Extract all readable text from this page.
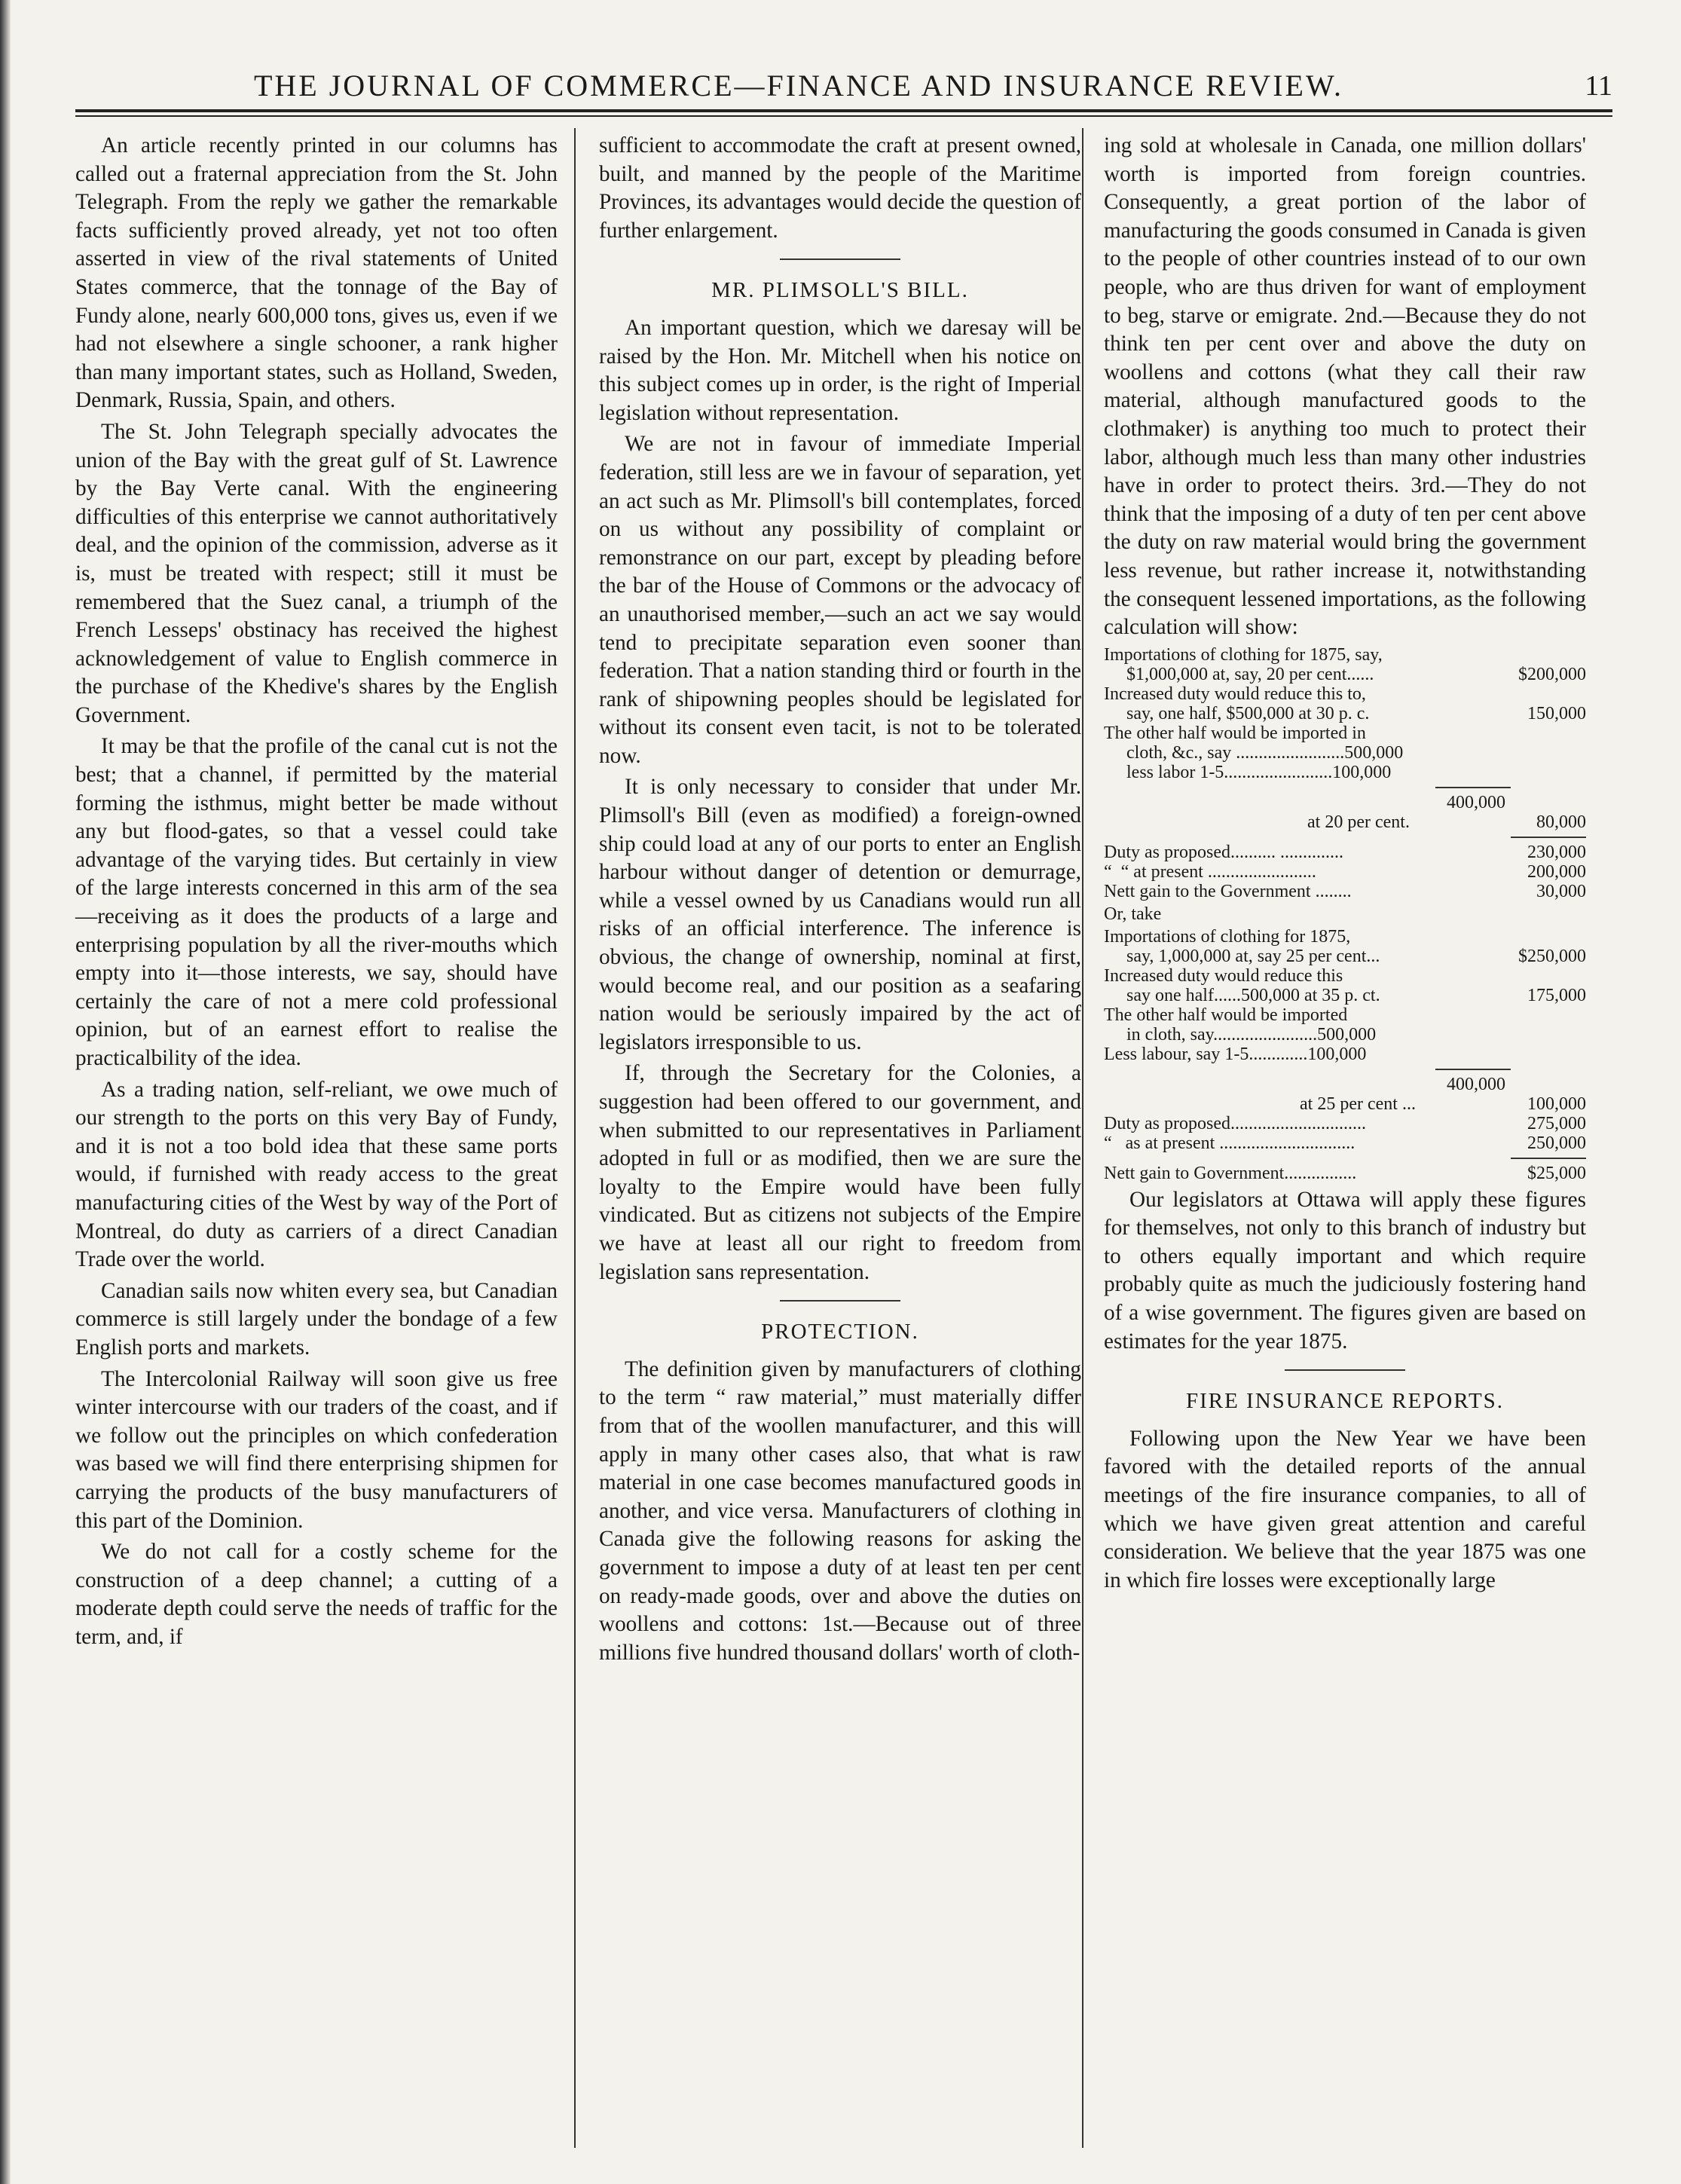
THE JOURNAL OF COMMERCE—FINANCE AND INSURANCE REVIEW.	11

An article recently printed in our columns has called out a fraternal appreciation from the St. John Telegraph. From the reply we gather the remarkable facts sufficiently proved already, yet not too often asserted in view of the rival statements of United States commerce, that the tonnage of the Bay of Fundy alone, nearly 600,000 tons, gives us, even if we had not elsewhere a single schooner, a rank higher than many important states, such as Holland, Sweden, Denmark, Russia, Spain, and others.

The St. John Telegraph specially advocates the union of the Bay with the great gulf of St. Lawrence by the Bay Verte canal. With the engineering difficulties of this enterprise we cannot authoritatively deal, and the opinion of the commission, adverse as it is, must be treated with respect; still it must be remembered that the Suez canal, a triumph of the French Lesseps' obstinacy has received the highest acknowledgement of value to English commerce in the purchase of the Khedive's shares by the English Government.

It may be that the profile of the canal cut is not the best; that a channel, if permitted by the material forming the isthmus, might better be made without any but flood-gates, so that a vessel could take advantage of the varying tides. But certainly in view of the large interests concerned in this arm of the sea—receiving as it does the products of a large and enterprising population by all the river-mouths which empty into it—those interests, we say, should have certainly the care of not a mere cold professional opinion, but of an earnest effort to realise the practicalbility of the idea.

As a trading nation, self-reliant, we owe much of our strength to the ports on this very Bay of Fundy, and it is not a too bold idea that these same ports would, if furnished with ready access to the great manufacturing cities of the West by way of the Port of Montreal, do duty as carriers of a direct Canadian Trade over the world.

Canadian sails now whiten every sea, but Canadian commerce is still largely under the bondage of a few English ports and markets.

The Intercolonial Railway will soon give us free winter intercourse with our traders of the coast, and if we follow out the principles on which confederation was based we will find there enterprising shipmen for carrying the products of the busy manufacturers of this part of the Dominion.

We do not call for a costly scheme for the construction of a deep channel; a cutting of a moderate depth could serve the needs of traffic for the term, and, if

sufficient to accommodate the craft at present owned, built, and manned by the people of the Maritime Provinces, its advantages would decide the question of further enlargement.

MR. PLIMSOLL'S BILL.

An important question, which we daresay will be raised by the Hon. Mr. Mitchell when his notice on this subject comes up in order, is the right of Imperial legislation without representation.

We are not in favour of immediate Imperial federation, still less are we in favour of separation, yet an act such as Mr. Plimsoll's bill contemplates, forced on us without any possibility of complaint or remonstrance on our part, except by pleading before the bar of the House of Commons or the advocacy of an unauthorised member,—such an act we say would tend to precipitate separation even sooner than federation. That a nation standing third or fourth in the rank of shipowning peoples should be legislated for without its consent even tacit, is not to be tolerated now.

It is only necessary to consider that under Mr. Plimsoll's Bill (even as modified) a foreign-owned ship could load at any of our ports to enter an English harbour without danger of detention or demurrage, while a vessel owned by us Canadians would run all risks of an official interference. The inference is obvious, the change of ownership, nominal at first, would become real, and our position as a seafaring nation would be seriously impaired by the act of legislators irresponsible to us.

If, through the Secretary for the Colonies, a suggestion had been offered to our government, and when submitted to our representatives in Parliament adopted in full or as modified, then we are sure the loyalty to the Empire would have been fully vindicated. But as citizens not subjects of the Empire we have at least all our right to freedom from legislation sans representation.

PROTECTION.

The definition given by manufacturers of clothing to the term “ raw material,” must materially differ from that of the woollen manufacturer, and this will apply in many other cases also, that what is raw material in one case becomes manufactured goods in another, and vice versa. Manufacturers of clothing in Canada give the following reasons for asking the government to impose a duty of at least ten per cent on ready-made goods, over and above the duties on woollens and cottons: 1st.—Because out of three millions five hundred thousand dollars' worth of cloth-

ing sold at wholesale in Canada, one million dollars' worth is imported from foreign countries. Consequently, a great portion of the labor of manufacturing the goods consumed in Canada is given to the people of other countries instead of to our own people, who are thus driven for want of employment to beg, starve or emigrate. 2nd.—Because they do not think ten per cent over and above the duty on woollens and cottons (what they call their raw material, although manufactured goods to the clothmaker) is anything too much to protect their labor, although much less than many other industries have in order to protect theirs. 3rd.—They do not think that the imposing of a duty of ten per cent above the duty on raw material would bring the government less revenue, but rather increase it, notwithstanding the consequent lessened importations, as the following calculation will show:

Importations of clothing for 1875, say,
$1,000,000 at, say, 20 per cent......	$200,000
Increased duty would reduce this to,
say, one half, $500,000 at 30 p. c.	150,000
The other half would be imported in
cloth, &c., say ........................500,000
less labor 1-5........................100,000
400,000
at 20 per cent.	80,000
Duty as proposed.......... ..............	230,000
“  “ at present ........................	200,000
Nett gain to the Government ........	30,000
Or, take
Importations of clothing for 1875,
say, 1,000,000 at, say 25 per cent...	$250,000
Increased duty would reduce this
say one half......500,000 at 35 p. ct.	175,000
The other half would be imported
in cloth, say.......................500,000
Less labour, say 1-5.............100,000
400,000
at 25 per cent ...	100,000
Duty as proposed..............................	275,000
“   as at present ..............................	250,000
Nett gain to Government................	$25,000

Our legislators at Ottawa will apply these figures for themselves, not only to this branch of industry but to others equally important and which require probably quite as much the judiciously fostering hand of a wise government. The figures given are based on estimates for the year 1875.

FIRE INSURANCE REPORTS.

Following upon the New Year we have been favored with the detailed reports of the annual meetings of the fire insurance companies, to all of which we have given great attention and careful consideration. We believe that the year 1875 was one in which fire losses were exceptionally large
